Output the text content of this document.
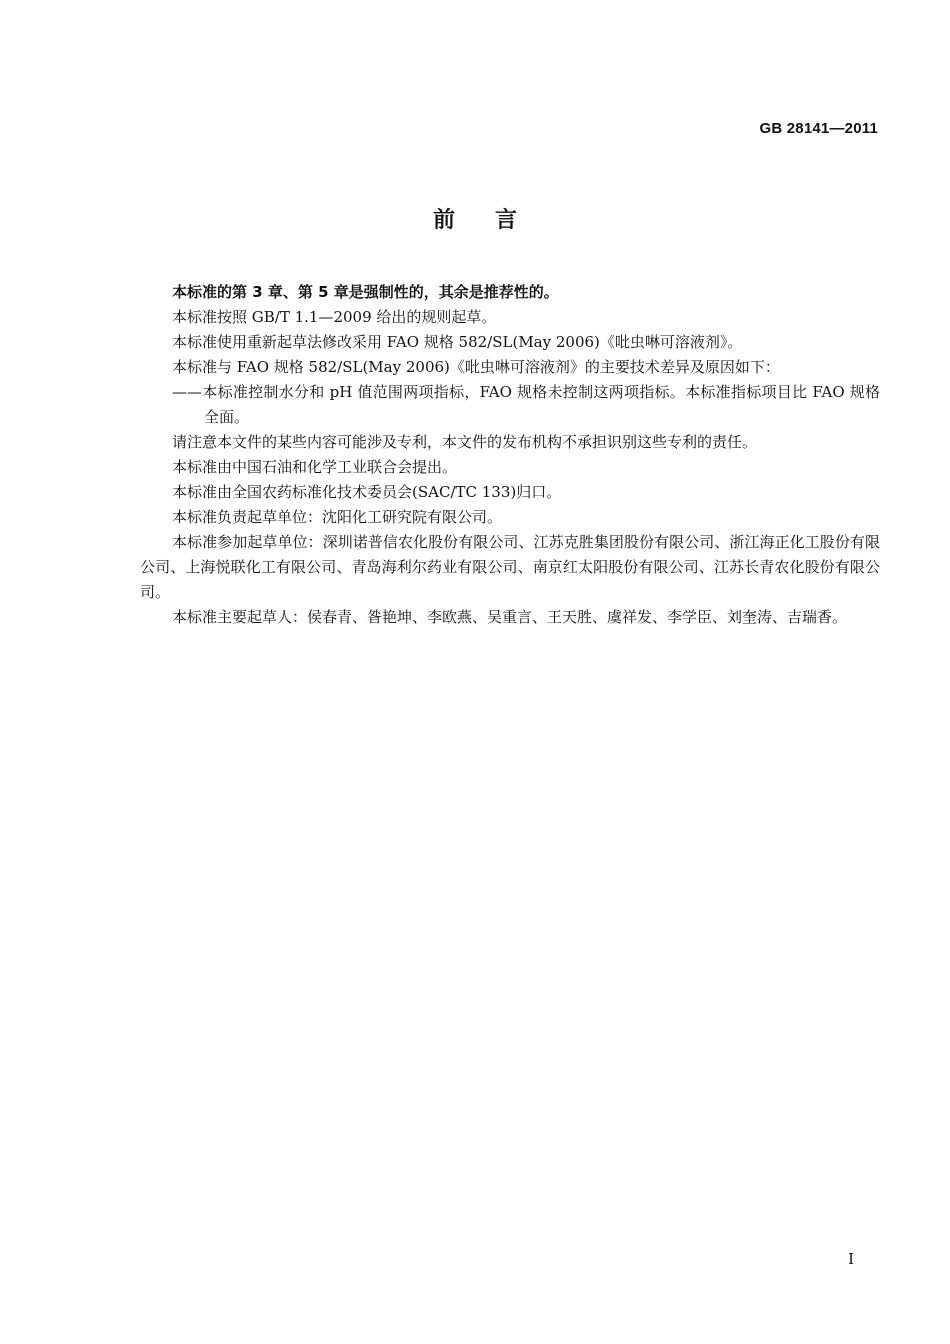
GB 28141—2011
前言

本标准的第 3 章、第 5 章是强制性的，其余是推荐性的。

本标准按照 GB/T 1.1—2009 给出的规则起草。

本标准使用重新起草法修改采用 FAO 规格 582/SL(May 2006)《吡虫啉可溶液剂》。

本标准与 FAO 规格 582/SL(May 2006)《吡虫啉可溶液剂》的主要技术差异及原因如下：

——本标准控制水分和 pH 值范围两项指标，FAO 规格未控制这两项指标。本标准指标项目比 FAO 规格全面。

请注意本文件的某些内容可能涉及专利，本文件的发布机构不承担识别这些专利的责任。

本标准由中国石油和化学工业联合会提出。

本标准由全国农药标准化技术委员会(SAC/TC 133)归口。

本标准负责起草单位：沈阳化工研究院有限公司。

本标准参加起草单位：深圳诺普信农化股份有限公司、江苏克胜集团股份有限公司、浙江海正化工股份有限公司、上海悦联化工有限公司、青岛海利尔药业有限公司、南京红太阳股份有限公司、江苏长青农化股份有限公司。

本标准主要起草人：侯春青、昝艳坤、李欧燕、吴重言、王天胜、虞祥发、李学臣、刘奎涛、吉瑞香。

I
